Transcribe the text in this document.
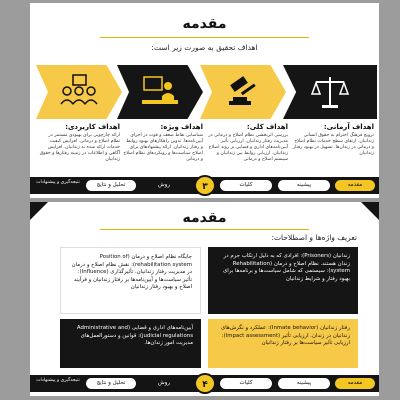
مقدمه
اهداف تحقیق به صورت زیر است:
اهداف آرمانی:
ترویج فرهنگ احترام به حقوق انسانی زندانیان. ارتقای سطح خدمات نظام اصلاح و درمانی در زندان‌ها. تسهیل در بهبود رفتار زندانیان
اهداف کلی:
بررسی اثربخشی نظام اصلاح و درمانی در مدیریت رفتار زندانیان. ارزیابی تأثیر آیین‌نامه‌های اداری و قضایی بر روند اصلاح زندانیان. ارزیابی روابط بین زندانیان و سیستم اصلاح و درمانی
اهداف ویژه:
شناسایی نقاط ضعف و قوت در اجرای آیین‌نامه‌ها. تدوین راهکارهای بهبود روابط و رفتار زندانیان. ارائه پیشنهادهای برای اصلاح سیاست‌ها و رویکردهای نظام اصلاح و درمانی
اهداف کاربردی:
ارائه چارچوبی برای بهبودی مستمر در نظام اصلاح و درمانی. افزایش کیفیت خدمات ارائه شده به زندانیان. افزایش آگاهی و اطلاعات در زمینه رفتارها و حقوق زندانیان
مقدمه
پیشینه
کلیات
روش
تحلیل و نتایج
نتیجه‌گیری و پیشنهادات	۳
مقدمه
تعریف واژه‌ها و اصطلاحات:
جایگاه نظام اصلاح و درمان (Position of rehabilitation system): نقش نظام اصلاح و درمان در مدیریت رفتار زندانیان. تأثیرگذاری (Influence): تأثیر سیاست‌ها و آیین‌نامه‌ها بر رفتار زندانیان و فرآیند اصلاح و بهبود رفتار زندانیان
زندانیان (Prisoners): افرادی که به دلیل ارتکاب جرم در زندان هستند. نظام اصلاح و درمان (Rehabilitation system): سیستمی که شامل سیاست‌ها و برنامه‌ها برای بهبود رفتار و شرایط زندانیان
آیین‌نامه‌های اداری و قضایی (Administrative and judicial regulations): قوانین و دستورالعمل‌های مدیریت امور زندان‌ها.
رفتار زندانیان (Inmate behavior): عملکرد و نگرش‌های زندانیان در زندان. ارزیابی تأثیر (Impact assessment): ارزیابی تأثیر سیاست‌ها بر رفتار زندانیان
مقدمه
پیشینه
کلیات
روش
تحلیل و نتایج
نتیجه‌گیری و پیشنهادات	۴
